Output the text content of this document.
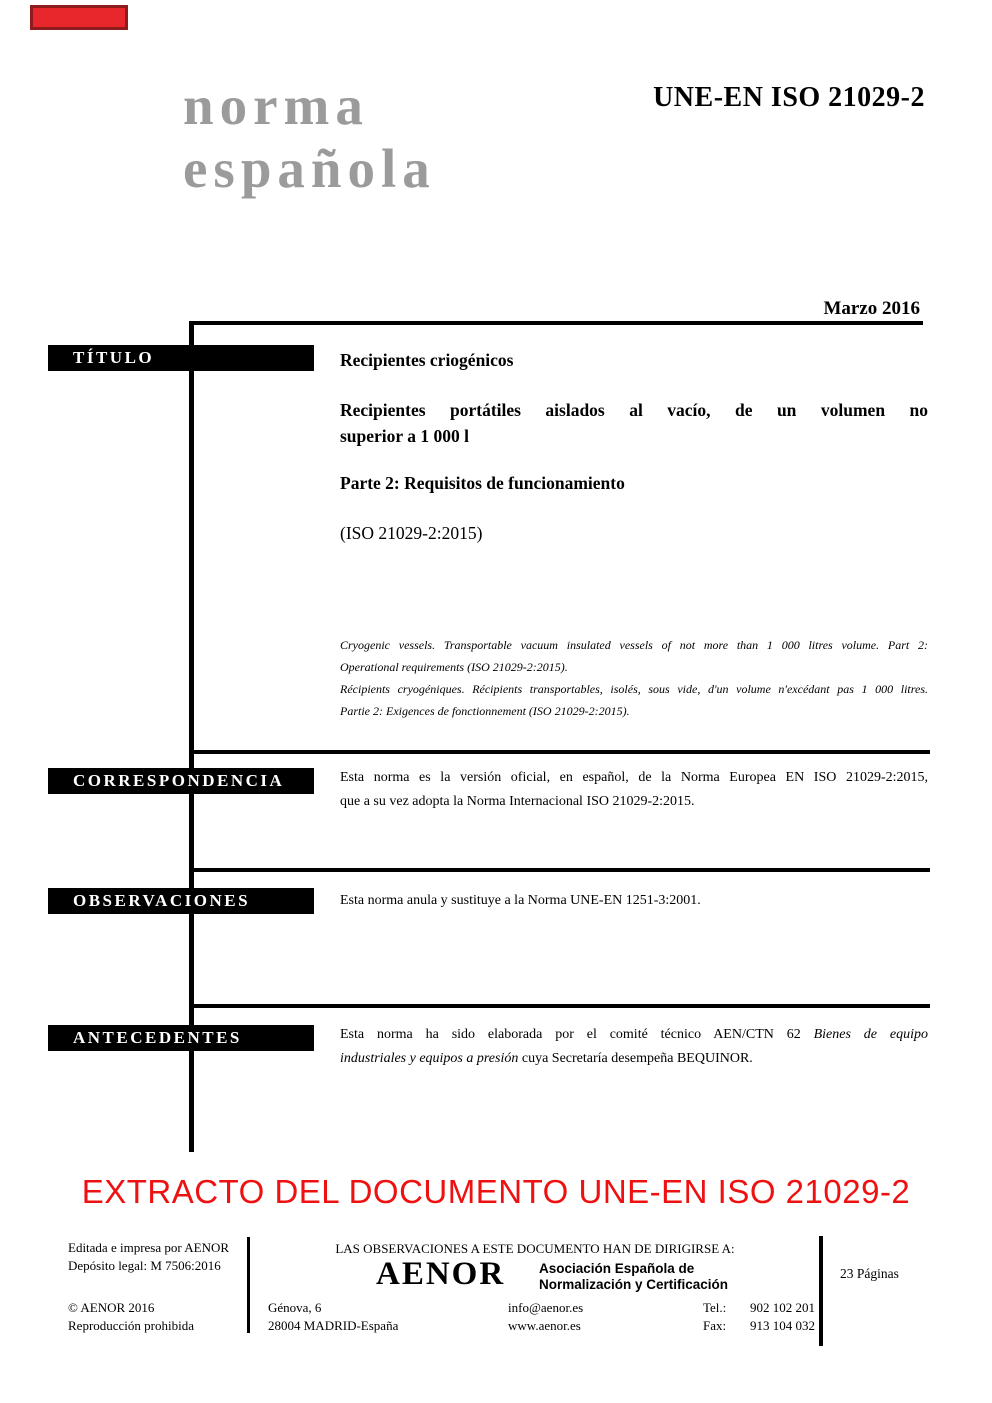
norma
española
UNE-EN ISO 21029-2
Marzo 2016
TÍTULO	Recipientes criogénicos
Recipientes portátiles aislados al vacío, de un volumen no
superior a 1 000 l
Parte 2: Requisitos de funcionamiento
(ISO 21029-2:2015)
Cryogenic vessels. Transportable vacuum insulated vessels of not more than 1 000 litres volume. Part 2:
Operational requirements (ISO 21029-2:2015).
Récipients cryogéniques. Récipients transportables, isolés, sous vide, d'un volume n'excédant pas 1 000 litres.
Partie 2: Exigences de fonctionnement (ISO 21029-2:2015).
CORRESPONDENCIA	Esta norma es la versión oficial, en español, de la Norma Europea EN ISO 21029-2:2015,
que a su vez adopta la Norma Internacional ISO 21029-2:2015.
OBSERVACIONES	Esta norma anula y sustituye a la Norma UNE-EN 1251-3:2001.
ANTECEDENTES	Esta norma ha sido elaborada por el comité técnico AEN/CTN 62 Bienes de equipo
industriales y equipos a presión cuya Secretaría desempeña BEQUINOR.
EXTRACTO DEL DOCUMENTO UNE-EN ISO 21029-2
Editada e impresa por AENOR
Depósito legal: M 7506:2016
© AENOR 2016
Reproducción prohibida
LAS OBSERVACIONES A ESTE DOCUMENTO HAN DE DIRIGIRSE A:
AENOR	Asociación Española de
Normalización y Certificación
23 Páginas
Génova, 6
28004 MADRID-España
info@aenor.es
www.aenor.es
Tel.: 902 102 201
Fax: 913 104 032
